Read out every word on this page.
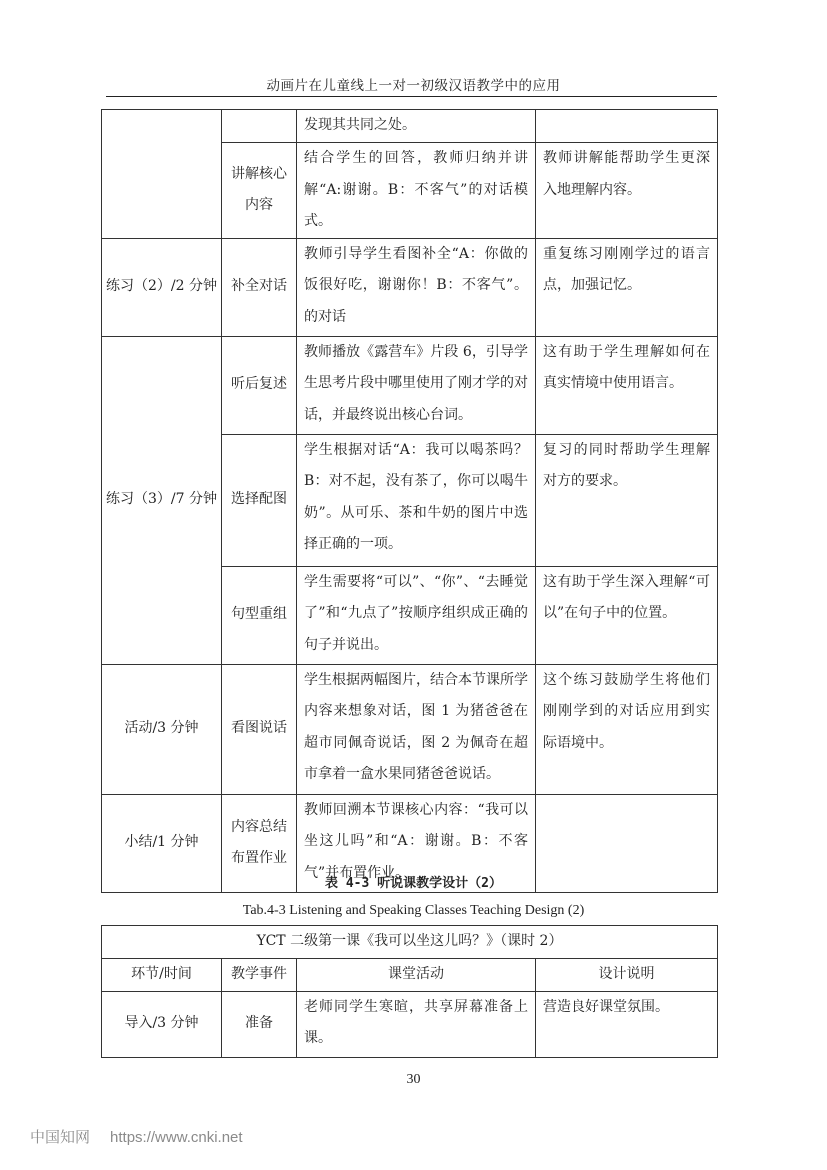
动画片在儿童线上一对一初级汉语教学中的应用
		发现其共同之处。	

	讲解核心内容	结合学生的回答，教师归纳并讲解“A:谢谢。B：不客气”的对话模式。	教师讲解能帮助学生更深入地理解内容。
练习（2）/2 分钟	补全对话	教师引导学生看图补全“A：你做的饭很好吃，谢谢你！B：不客气”。的对话	重复练习刚刚学过的语言点，加强记忆。
练习（3）/7 分钟	听后复述	教师播放《露营车》片段 6，引导学生思考片段中哪里使用了刚才学的对话，并最终说出核心台词。	这有助于学生理解如何在真实情境中使用语言。
	选择配图	学生根据对话“A：我可以喝茶吗？B：对不起，没有茶了，你可以喝牛奶”。从可乐、茶和牛奶的图片中选择正确的一项。	复习的同时帮助学生理解对方的要求。
	句型重组	学生需要将“可以”、“你”、“去睡觉了”和“九点了”按顺序组织成正确的句子并说出。	这有助于学生深入理解“可以”在句子中的位置。
活动/3 分钟	看图说话	学生根据两幅图片，结合本节课所学内容来想象对话，图 1 为猪爸爸在超市同佩奇说话，图 2 为佩奇在超市拿着一盒水果同猪爸爸说话。	这个练习鼓励学生将他们刚刚学到的对话应用到实际语境中。
小结/1 分钟	内容总结布置作业	教师回溯本节课核心内容：“我可以坐这儿吗”和“A：谢谢。B：不客气”并布置作业。	
表 4-3 听说课教学设计（2）
Tab.4-3 Listening and Speaking Classes Teaching Design (2)
YCT 二级第一课《我可以坐这儿吗？》（课时 2）			
环节/时间	教学事件	课堂活动	设计说明
导入/3 分钟	准备	老师同学生寒暄，共享屏幕准备上课。	营造良好课堂氛围。
30
中国知网 https://www.cnki.net
